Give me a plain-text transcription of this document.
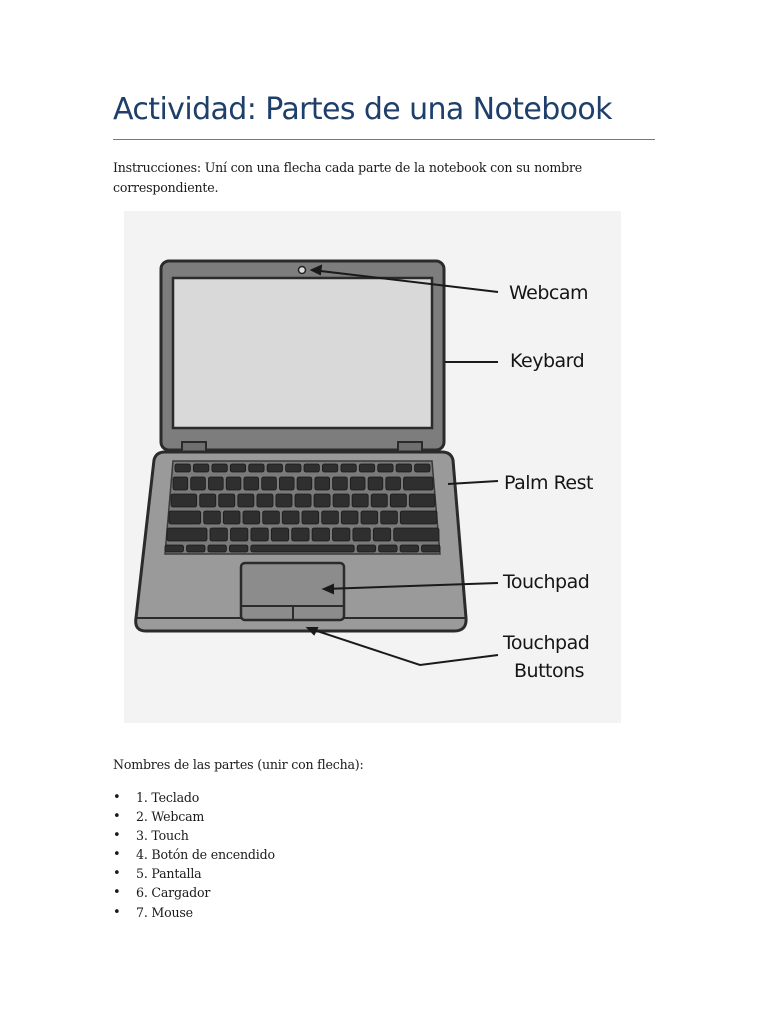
Actividad: Partes de una Notebook
Instrucciones: Uní con una flecha cada parte de la notebook con su nombre correspondiente.
Webcam
Keybard
Palm Rest
Touchpad
Touchpad
Buttons
Nombres de las partes (unir con flecha):
• 1. Teclado
• 2. Webcam
• 3. Touch
• 4. Botón de encendido
• 5. Pantalla
• 6. Cargador
• 7. Mouse
